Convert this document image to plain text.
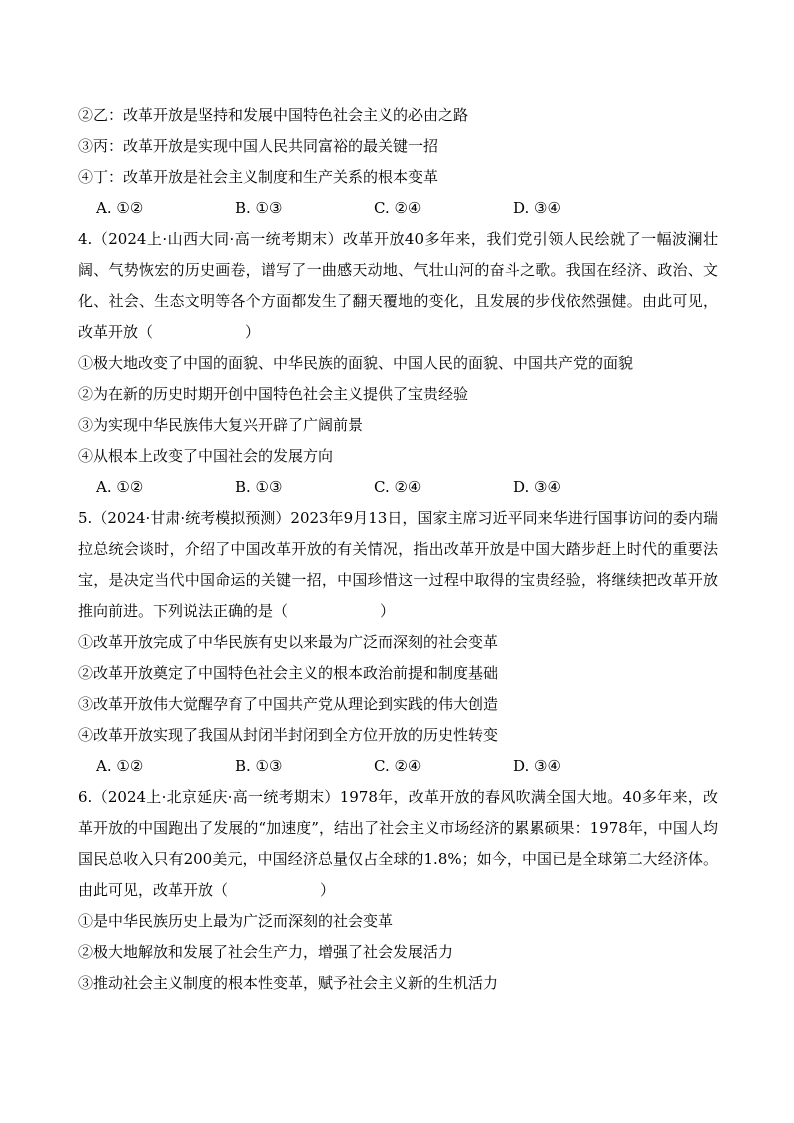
②乙：改革开放是坚持和发展中国特色社会主义的必由之路
③丙：改革开放是实现中国人民共同富裕的最关键一招
④丁：改革开放是社会主义制度和生产关系的根本变革
A. ①②	B. ①③	C. ②④	D. ③④
4.（2024上·山西大同·高一统考期末）改革开放40多年来，我们党引领人民绘就了一幅波澜壮阔、气势恢宏的历史画卷，谱写了一曲感天动地、气壮山河的奋斗之歌。我国在经济、政治、文化、社会、生态文明等各个方面都发生了翻天覆地的变化，且发展的步伐依然强健。由此可见，改革开放（	）
①极大地改变了中国的面貌、中华民族的面貌、中国人民的面貌、中国共产党的面貌
②为在新的历史时期开创中国特色社会主义提供了宝贵经验
③为实现中华民族伟大复兴开辟了广阔前景
④从根本上改变了中国社会的发展方向
A. ①②	B. ①③	C. ②④	D. ③④
5.（2024·甘肃·统考模拟预测）2023年9月13日，国家主席习近平同来华进行国事访问的委内瑞拉总统会谈时，介绍了中国改革开放的有关情况，指出改革开放是中国大踏步赶上时代的重要法宝，是决定当代中国命运的关键一招，中国珍惜这一过程中取得的宝贵经验，将继续把改革开放推向前进。下列说法正确的是（	）
①改革开放完成了中华民族有史以来最为广泛而深刻的社会变革
②改革开放奠定了中国特色社会主义的根本政治前提和制度基础
③改革开放伟大觉醒孕育了中国共产党从理论到实践的伟大创造
④改革开放实现了我国从封闭半封闭到全方位开放的历史性转变
A. ①②	B. ①③	C. ②④	D. ③④
6.（2024上·北京延庆·高一统考期末）1978年，改革开放的春风吹满全国大地。40多年来，改革开放的中国跑出了发展的“加速度”，结出了社会主义市场经济的累累硕果：1978年，中国人均国民总收入只有200美元，中国经济总量仅占全球的1.8%；如今，中国已是全球第二大经济体。由此可见，改革开放（	）
①是中华民族历史上最为广泛而深刻的社会变革
②极大地解放和发展了社会生产力，增强了社会发展活力
③推动社会主义制度的根本性变革，赋予社会主义新的生机活力
